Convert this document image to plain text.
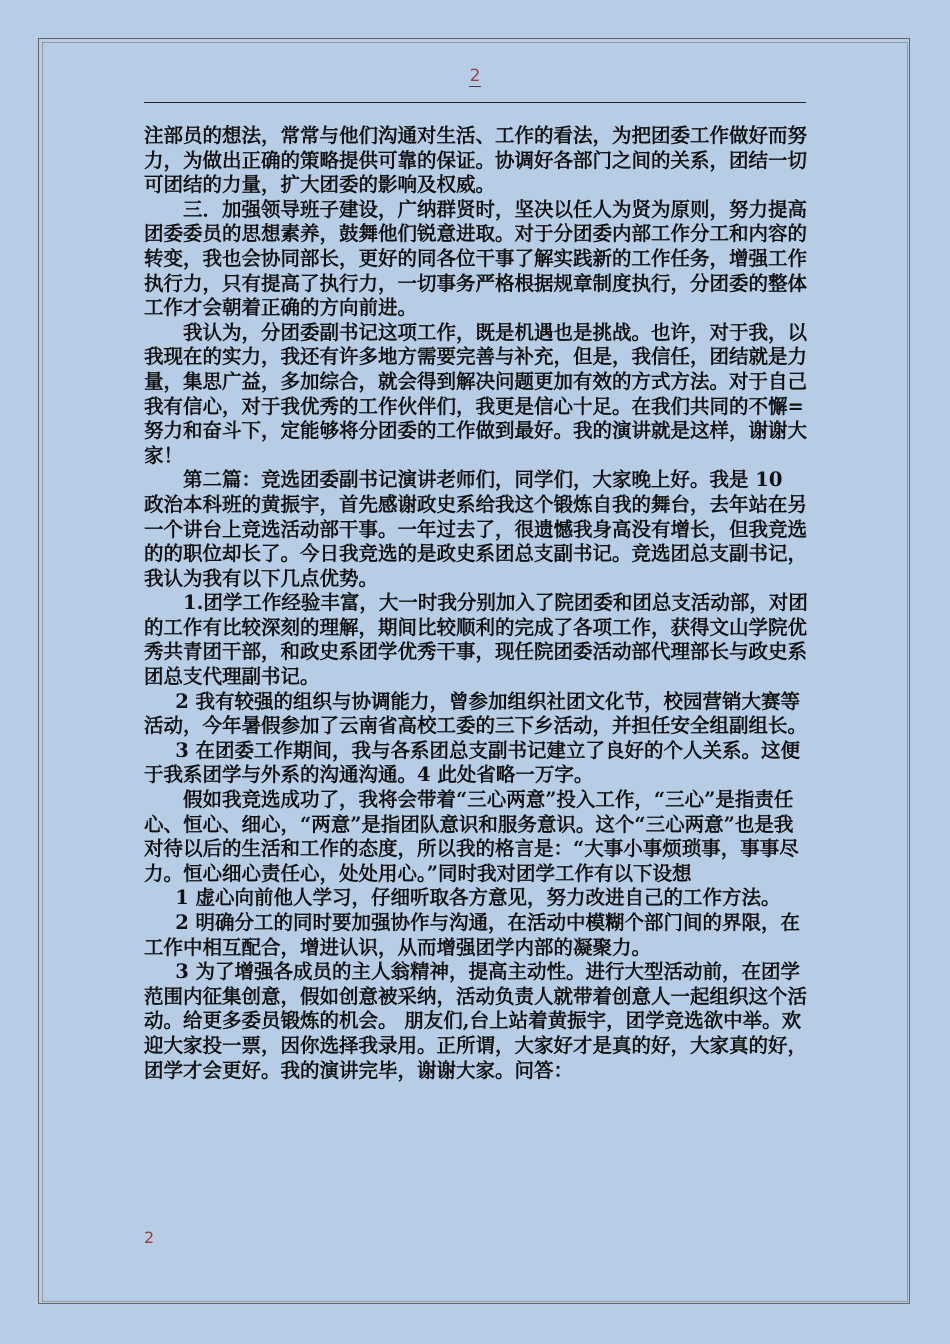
2

注部员的想法，常常与他们沟通对生活、工作的看法，为把团委工作做好而努力，为做出正确的策略提供可靠的保证。协调好各部门之间的关系，团结一切可团结的力量，扩大团委的影响及权威。

三．加强领导班子建设，广纳群贤时，坚决以任人为贤为原则，努力提高团委委员的思想素养，鼓舞他们锐意进取。对于分团委内部工作分工和内容的转变，我也会协同部长，更好的同各位干事了解实践新的工作任务，增强工作执行力，只有提高了执行力，一切事务严格根据规章制度执行，分团委的整体工作才会朝着正确的方向前进。

我认为，分团委副书记这项工作，既是机遇也是挑战。也许，对于我，以我现在的实力，我还有许多地方需要完善与补充，但是，我信任，团结就是力量，集思广益，多加综合，就会得到解决问题更加有效的方式方法。对于自己我有信心，对于我优秀的工作伙伴们，我更是信心十足。在我们共同的不懈=努力和奋斗下，定能够将分团委的工作做到最好。我的演讲就是这样，谢谢大家！

第二篇：竞选团委副书记演讲老师们，同学们，大家晚上好。我是 10 政治本科班的黄振宇，首先感谢政史系给我这个锻炼自我的舞台，去年站在另一个讲台上竞选活动部干事。一年过去了，很遗憾我身高没有增长，但我竞选的的职位却长了。今日我竞选的是政史系团总支副书记。竞选团总支副书记，我认为我有以下几点优势。

1.团学工作经验丰富，大一时我分别加入了院团委和团总支活动部，对团的工作有比较深刻的理解，期间比较顺利的完成了各项工作，获得文山学院优秀共青团干部，和政史系团学优秀干事，现任院团委活动部代理部长与政史系团总支代理副书记。

2 我有较强的组织与协调能力，曾参加组织社团文化节，校园营销大赛等活动，今年暑假参加了云南省高校工委的三下乡活动，并担任安全组副组长。

3 在团委工作期间，我与各系团总支副书记建立了良好的个人关系。这便于我系团学与外系的沟通沟通。4 此处省略一万字。

假如我竞选成功了，我将会带着“三心两意”投入工作，“三心”是指责任心、恒心、细心，“两意”是指团队意识和服务意识。这个“三心两意”也是我对待以后的生活和工作的态度，所以我的格言是：“大事小事烦琐事，事事尽力。恒心细心责任心，处处用心。”同时我对团学工作有以下设想

1 虚心向前他人学习，仔细听取各方意见，努力改进自己的工作方法。

2 明确分工的同时要加强协作与沟通，在活动中模糊个部门间的界限，在工作中相互配合，增进认识，从而增强团学内部的凝聚力。

3 为了增强各成员的主人翁精神，提高主动性。进行大型活动前，在团学范围内征集创意，假如创意被采纳，活动负责人就带着创意人一起组织这个活动。给更多委员锻炼的机会。 朋友们,台上站着黄振宇，团学竞选欲中举。欢迎大家投一票，因你选择我录用。正所谓，大家好才是真的好，大家真的好，团学才会更好。我的演讲完毕，谢谢大家。问答：

2
